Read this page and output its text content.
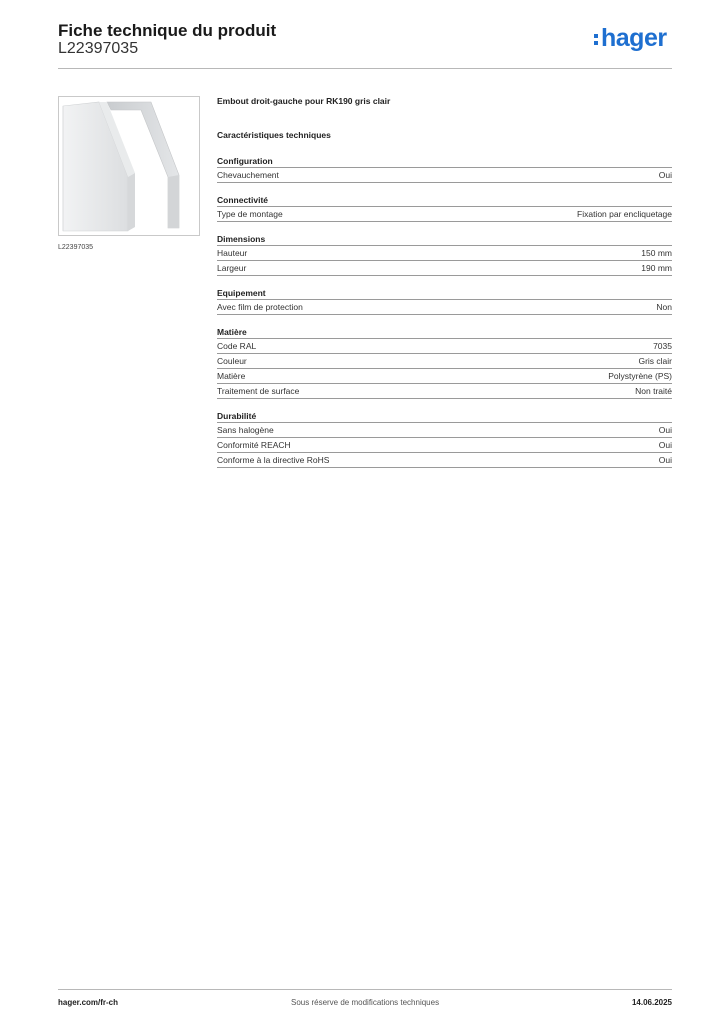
Fiche technique du produit
L22397035	hager
L22397035
Embout droit-gauche pour RK190 gris clair
Caractéristiques techniques
Configuration
Chevauchement	Oui
Connectivité
Type de montage	Fixation par encliquetage
Dimensions
Hauteur	150 mm
Largeur	190 mm
Equipement
Avec film de protection	Non
Matière
Code RAL	7035
Couleur	Gris clair
Matière	Polystyrène (PS)
Traitement de surface	Non traité
Durabilité
Sans halogène	Oui
Conformité REACH	Oui
Conforme à la directive RoHS	Oui
hager.com/fr-ch	Sous réserve de modifications techniques	14.06.2025
